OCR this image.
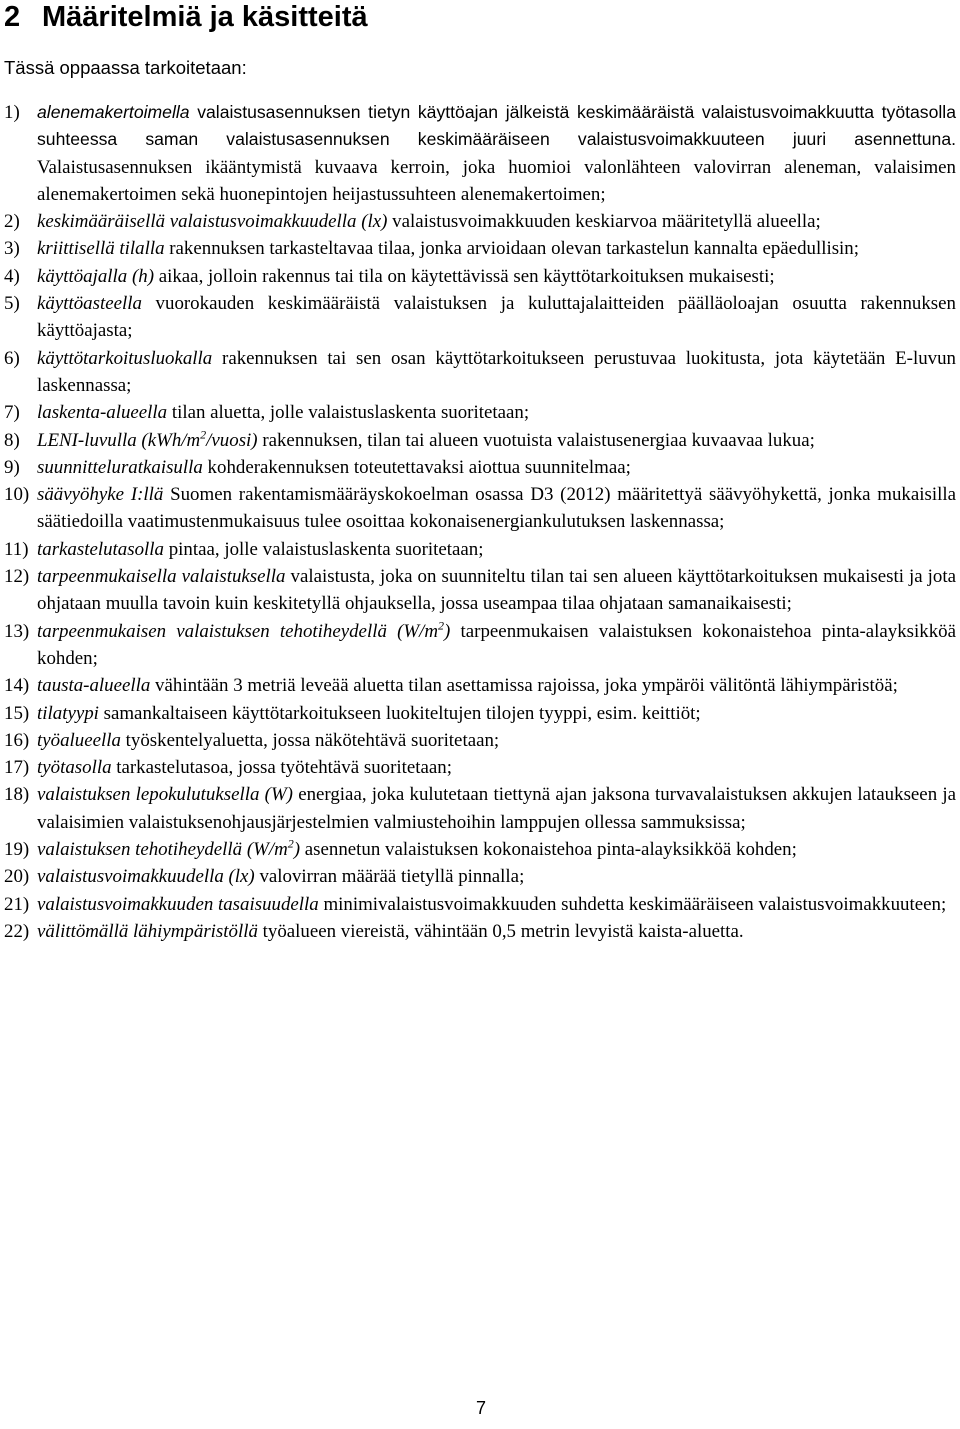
2 Määritelmiä ja käsitteitä
Tässä oppaassa tarkoitetaan:
1) alenemakertoimella valaistusasennuksen tietyn käyttöajan jälkeistä keskimääräistä valaistusvoimakkuutta työtasolla suhteessa saman valaistusasennuksen keskimääräiseen valaistusvoimakkuuteen juuri asennettuna. Valaistusasennuksen ikääntymistä kuvaava kerroin, joka huomioi valonlähteen valovirran aleneman, valaisimen alenemakertoimen sekä huonepintojen heijastussuhteen alenemakertoimen;
2) keskimääräisellä valaistusvoimakkuudella (lx) valaistusvoimakkuuden keskiarvoa määritetyllä alueella;
3) kriittisellä tilalla rakennuksen tarkasteltavaa tilaa, jonka arvioidaan olevan tarkastelun kannalta epäedullisin;
4) käyttöajalla (h) aikaa, jolloin rakennus tai tila on käytettävissä sen käyttötarkoituksen mukaisesti;
5) käyttöasteella vuorokauden keskimääräistä valaistuksen ja kuluttajalaitteiden päälläoloajan osuutta rakennuksen käyttöajasta;
6) käyttötarkoitusluokalla rakennuksen tai sen osan käyttötarkoitukseen perustuvaa luokitusta, jota käytetään E-luvun laskennassa;
7) laskenta-alueella tilan aluetta, jolle valaistuslaskenta suoritetaan;
8) LENI-luvulla $(kWh/m^2/vuosi)$ rakennuksen, tilan tai alueen vuotuista valaistusenergiaa kuvaavaa lukua;
9) suunnitteluratkaisulla kohderakennuksen toteutettavaksi aiottua suunnitelmaa;
10) säävyöhyke I:llä Suomen rakentamismääräyskokoelman osassa D3 (2012) määritettyä säävyöhykettä, jonka mukaisilla säätiedoilla vaatimustenmukaisuus tulee osoittaa kokonaisenergiankulutuksen laskennassa;
11) tarkastelutasolla pintaa, jolle valaistuslaskenta suoritetaan;
12) tarpeenmukaisella valaistuksella valaistusta, joka on suunniteltu tilan tai sen alueen käyttötarkoituksen mukaisesti ja jota ohjataan muulla tavoin kuin keskitetyllä ohjauksella, jossa useampaa tilaa ohjataan samanaikaisesti;
13) tarpeenmukaisen valaistuksen tehotiheydellä $(W/m^2)$ tarpeenmukaisen valaistuksen kokonaistehoa pinta-alayksikköä kohden;
14) tausta-alueella vähintään 3 metriä leveää aluetta tilan asettamissa rajoissa, joka ympäröi välitöntä lähiympäristöä;
15) tilatyypi samankaltaiseen käyttötarkoitukseen luokiteltujen tilojen tyyppi, esim. keittiöt;
16) työalueella työskentelyaluetta, jossa näkötehtävä suoritetaan;
17) työtasolla tarkastelutasoa, jossa työtehtävä suoritetaan;
18) valaistuksen lepokulutuksella (W) energiaa, joka kulutetaan tiettynä ajan jaksona turvavalaistuksen akkujen lataukseen ja valaisimien valaistuksenohjausjärjestelmien valmiustehoihin lamppujen ollessa sammuksissa;
19) valaistuksen tehotiheydellä $(W/m^2)$ asennetun valaistuksen kokonaistehoa pinta-alayksikköä kohden;
20) valaistusvoimakkuudella (lx) valovirran määrää tietyllä pinnalla;
21) valaistusvoimakkuuden tasaisuudella minimivalaistusvoimakkuuden suhdetta keskimääräiseen valaistusvoimakkuuteen;
22) välittömällä lähiympäristöllä työalueen viereistä, vähintään 0,5 metrin levyistä kaista-aluetta.
7
